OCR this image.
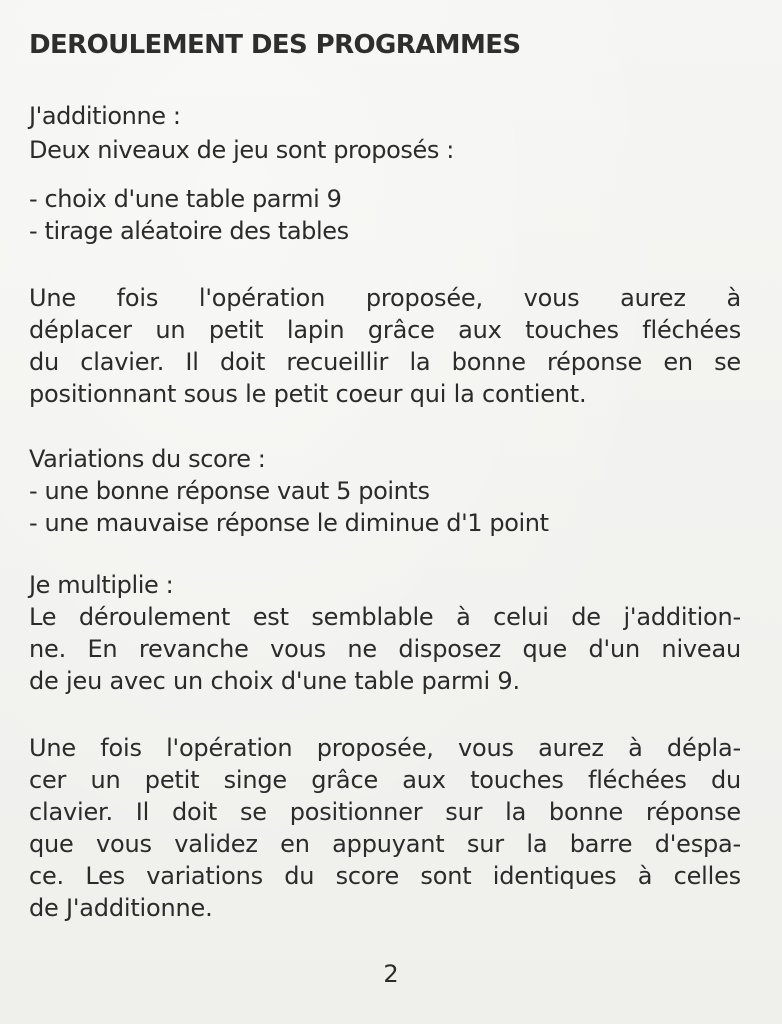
DEROULEMENT DES PROGRAMMES
J'additionne :
Deux niveaux de jeu sont proposés :
- choix d'une table parmi 9
- tirage aléatoire des tables
Une fois l'opération proposée, vous aurez à
déplacer un petit lapin grâce aux touches fléchées
du clavier. Il doit recueillir la bonne réponse en se
positionnant sous le petit coeur qui la contient.
Variations du score :
- une bonne réponse vaut 5 points
- une mauvaise réponse le diminue d'1 point
Je multiplie :
Le déroulement est semblable à celui de j'addition-
ne. En revanche vous ne disposez que d'un niveau
de jeu avec un choix d'une table parmi 9.
Une fois l'opération proposée, vous aurez à dépla-
cer un petit singe grâce aux touches fléchées du
clavier. Il doit se positionner sur la bonne réponse
que vous validez en appuyant sur la barre d'espa-
ce. Les variations du score sont identiques à celles
de J'additionne.
2
